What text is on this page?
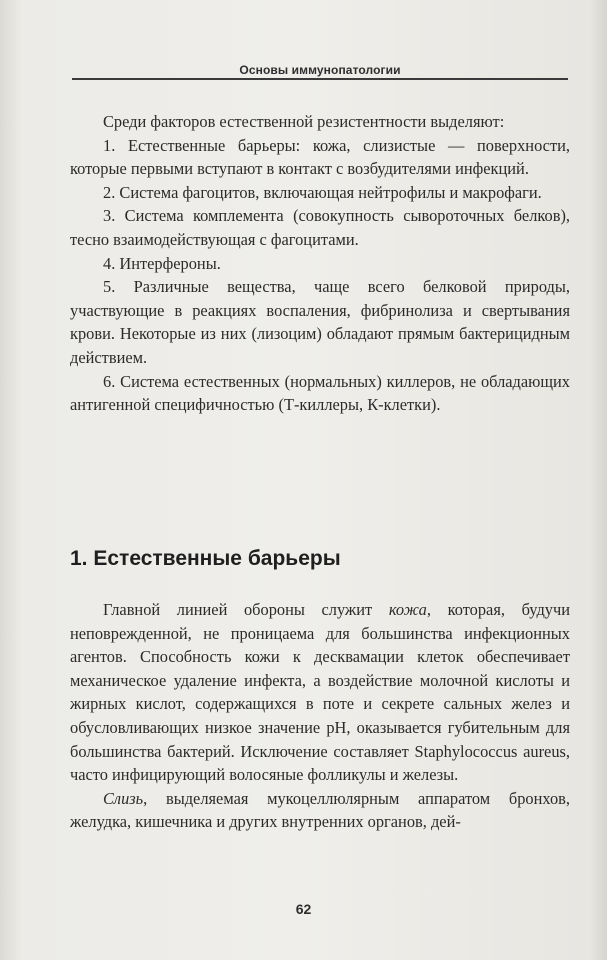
Основы иммунопатологии

Среди факторов естественной резистентности выделяют:

1. Естественные барьеры: кожа, слизистые — поверхности, которые первыми вступают в контакт с возбудителями инфекций.

2. Система фагоцитов, включающая нейтрофилы и макрофаги.

3. Система комплемента (совокупность сывороточных белков), тесно взаимодействующая с фагоцитами.

4. Интерфероны.

5. Различные вещества, чаще всего белковой природы, участвующие в реакциях воспаления, фибринолиза и свертывания крови. Некоторые из них (лизоцим) обладают прямым бактерицидным действием.

6. Система естественных (нормальных) киллеров, не обладающих антигенной специфичностью (Т-киллеры, К-клетки).

1. Естественные барьеры

Главной линией обороны служит кожа, которая, будучи неповрежденной, не проницаема для большинства инфекционных агентов. Способность кожи к десквамации клеток обеспечивает механическое удаление инфекта, а воздействие молочной кислоты и жирных кислот, содержащихся в поте и секрете сальных желез и обусловливающих низкое значение pH, оказывается губительным для большинства бактерий. Исключение составляет Staphylococcus aureus, часто инфицирующий волосяные фолликулы и железы.

Слизь, выделяемая мукоцеллюлярным аппаратом бронхов, желудка, кишечника и других внутренних органов, дей-

62
